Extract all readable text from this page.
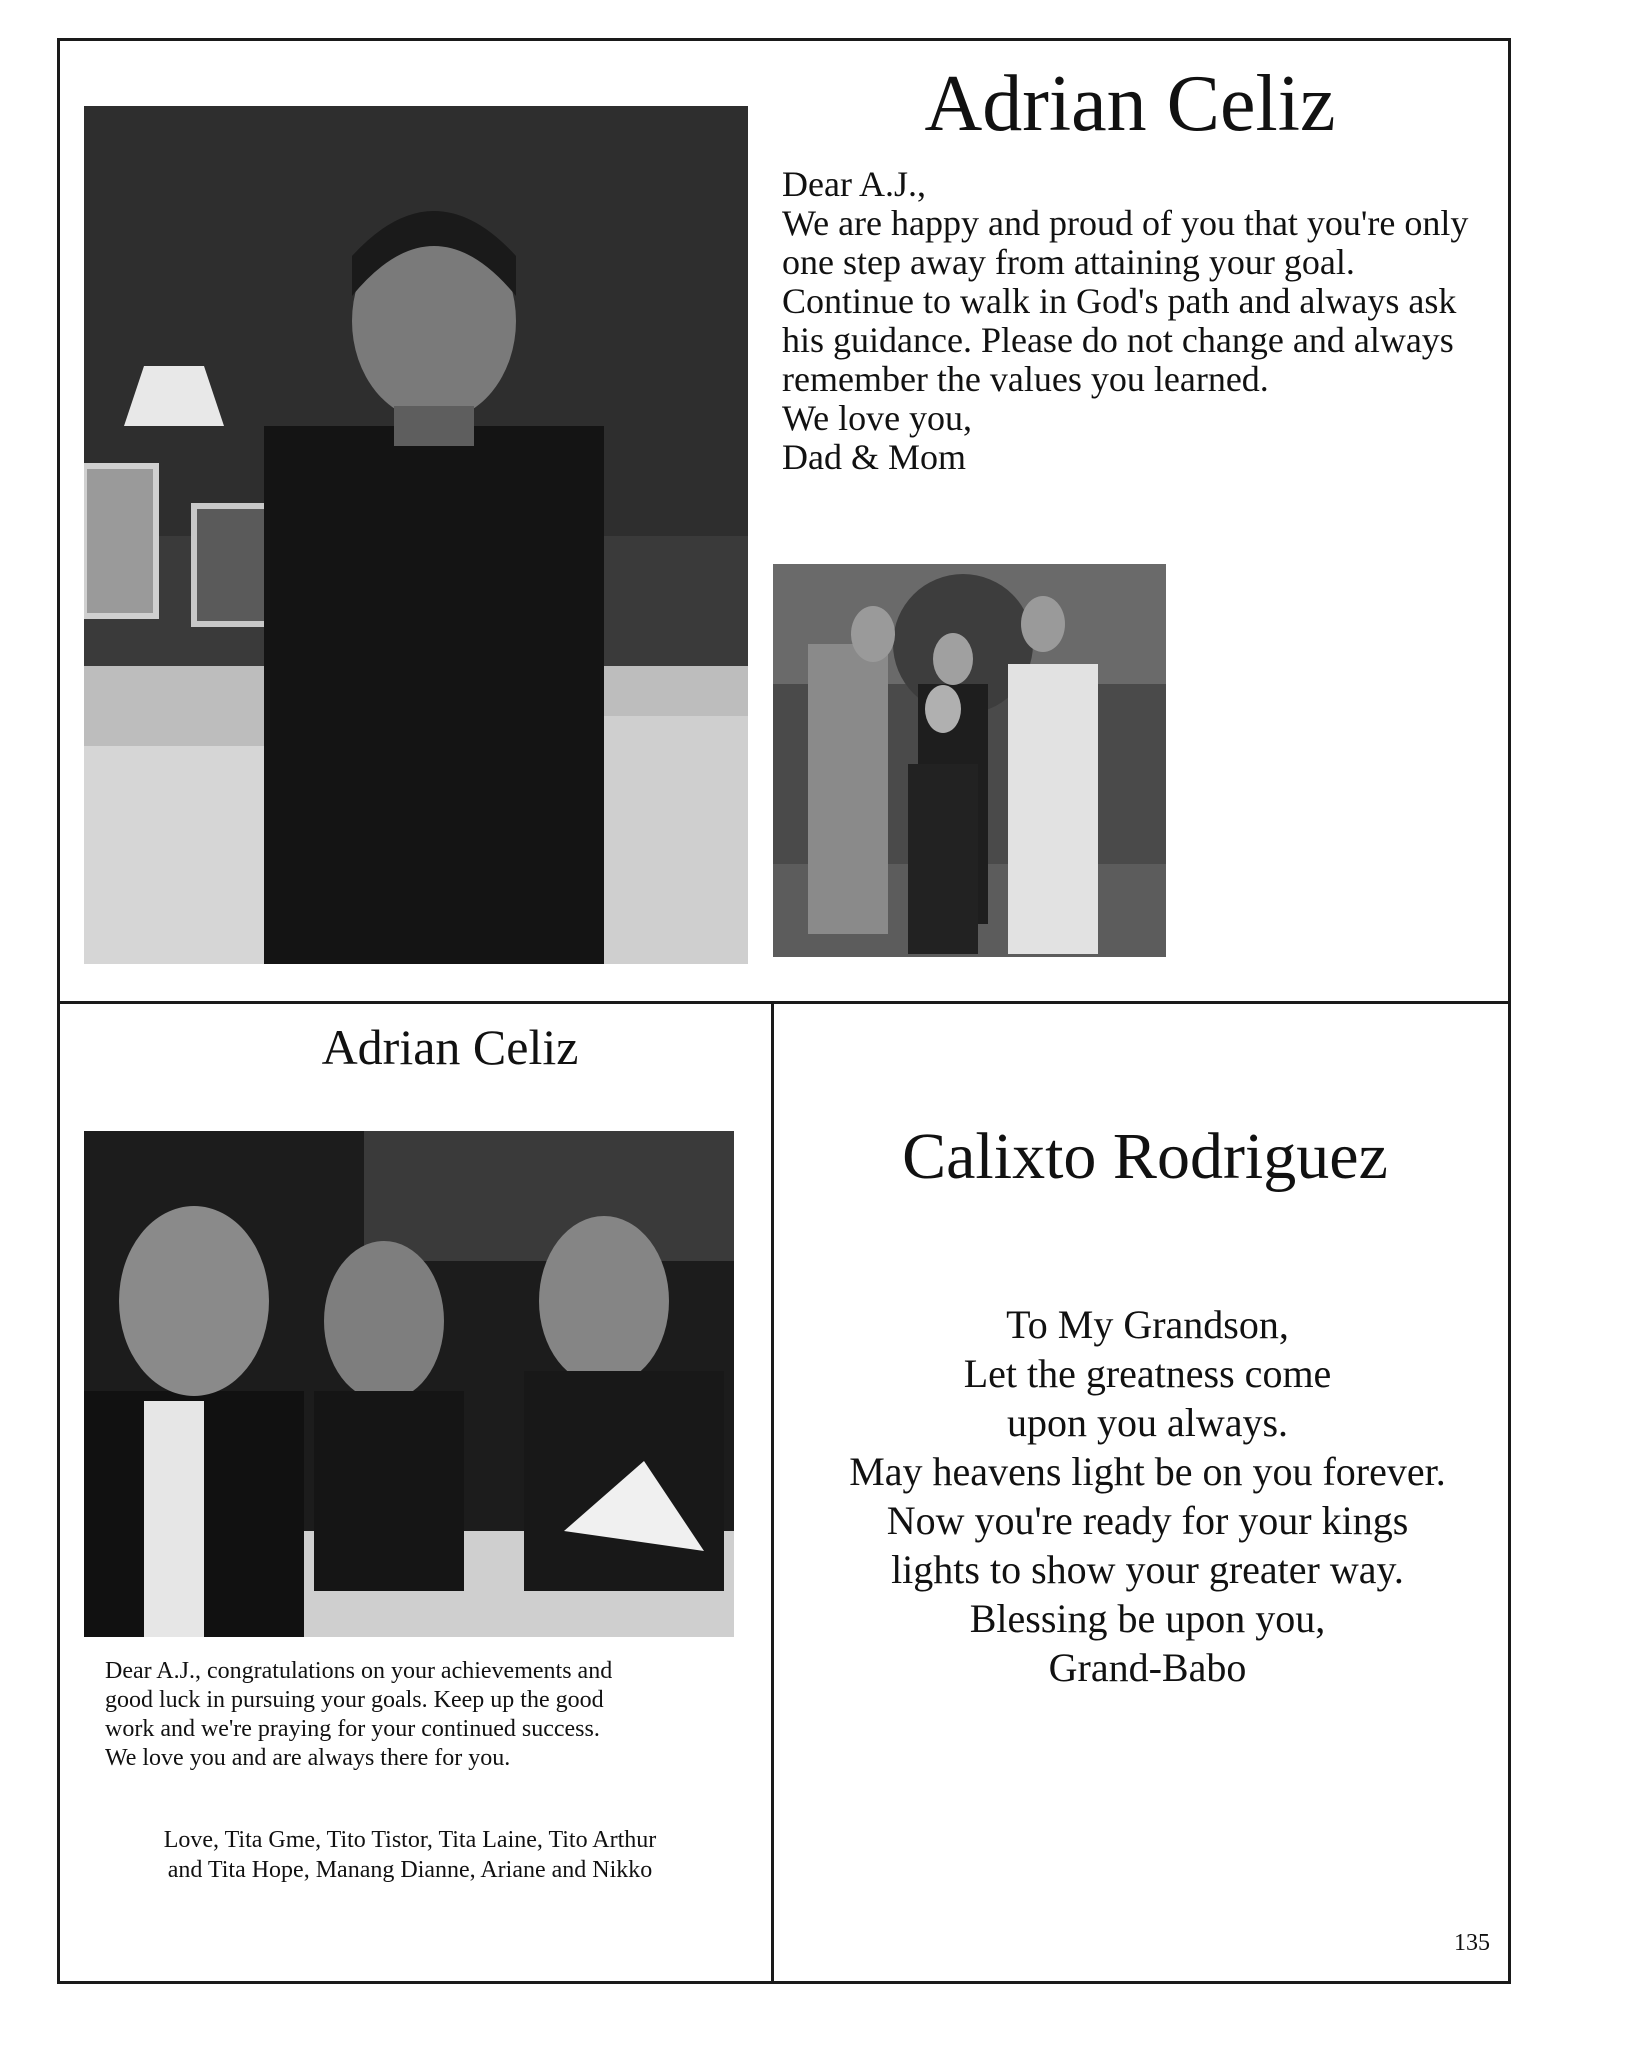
Adrian Celiz
Dear A.J.,
We are happy and proud of you that you're only
one step away from attaining your goal.
Continue to walk in God's path and always ask
his guidance. Please do not change and always
remember the values you learned.
We love you,
Dad & Mom
Adrian Celiz
Dear A.J., congratulations on your achievements and
good luck in pursuing your goals. Keep up the good
work and we're praying for your continued success.
We love you and are always there for you.
Love, Tita Gme, Tito Tistor, Tita Laine, Tito Arthur
and Tita Hope, Manang Dianne, Ariane and Nikko
Calixto Rodriguez
To My Grandson,
Let the greatness come
upon you always.
May heavens light be on you forever.
Now you're ready for your kings
lights to show your greater way.
Blessing be upon you,
Grand-Babo
135
